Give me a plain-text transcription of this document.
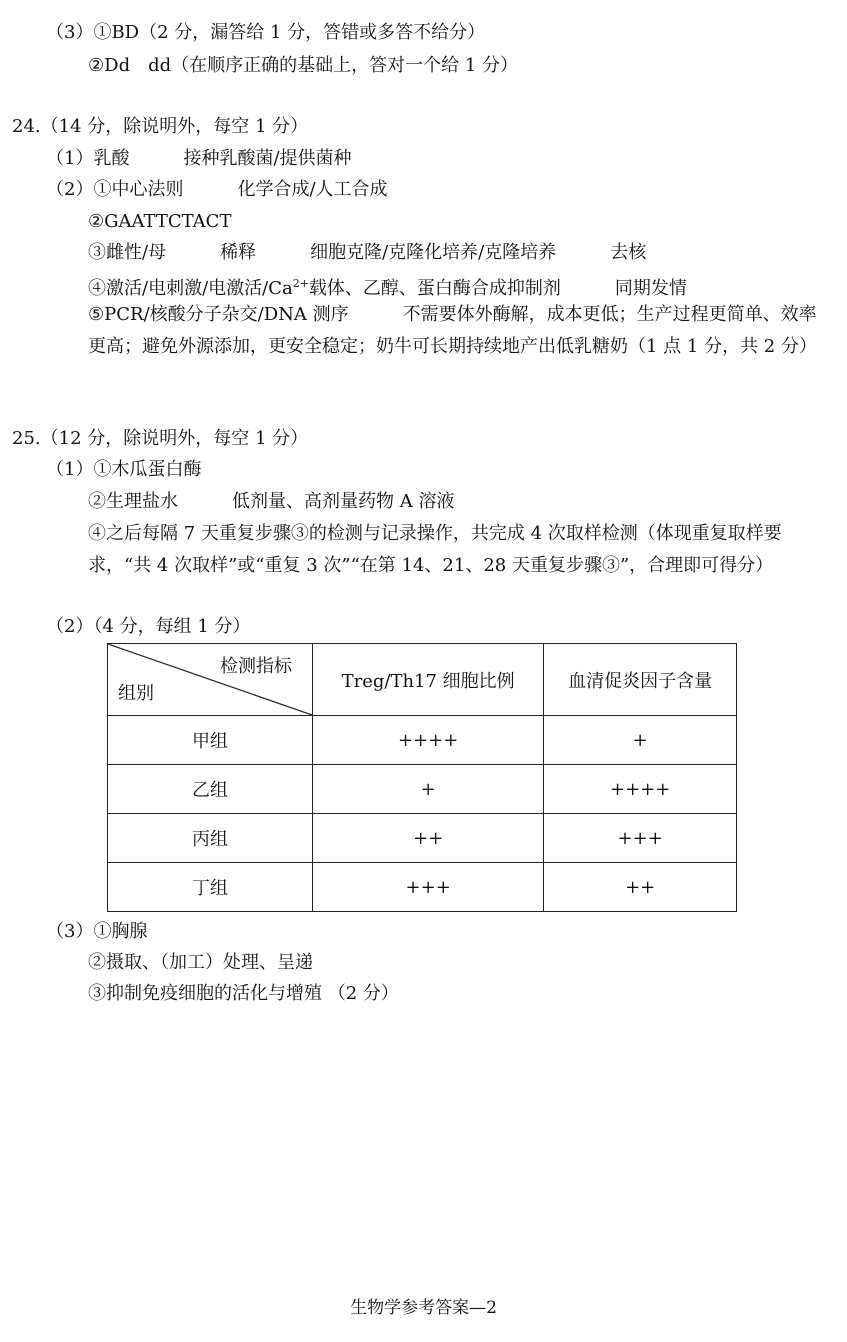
（3）①BD（2 分，漏答给 1 分，答错或多答不给分）
②Dd　dd（在顺序正确的基础上，答对一个给 1 分）
24.（14 分，除说明外，每空 1 分）
（1）乳酸　　　接种乳酸菌/提供菌种
（2）①中心法则　　　化学合成/人工合成
②GAATTCTACT
③雌性/母　　　稀释　　　细胞克隆/克隆化培养/克隆培养　　　去核
④激活/电刺激/电激活$/Ca^{2+}$载体、乙醇、蛋白酶合成抑制剂　　　同期发情
⑤PCR/核酸分子杂交/DNA 测序　　　不需要体外酶解，成本更低；生产过程更简单、效率更高；避免外源添加，更安全稳定；奶牛可长期持续地产出低乳糖奶（1 点 1 分，共 2 分）
25.（12 分，除说明外，每空 1 分）
（1）①木瓜蛋白酶
②生理盐水　　　低剂量、高剂量药物 A 溶液
④之后每隔 7 天重复步骤③的检测与记录操作，共完成 4 次取样检测（体现重复取样要求，“共 4 次取样”或“重复 3 次”“在第 14、21、28 天重复步骤③”，合理即可得分）
（2）（4 分，每组 1 分）
检测指标
组别	Treg/Th17 细胞比例	血清促炎因子含量
甲组	++++	+
乙组	+	++++
丙组	++	+++
丁组	+++	++
（3）①胸腺
②摄取、（加工）处理、呈递
③抑制免疫细胞的活化与增殖 （2 分）
生物学参考答案—2
